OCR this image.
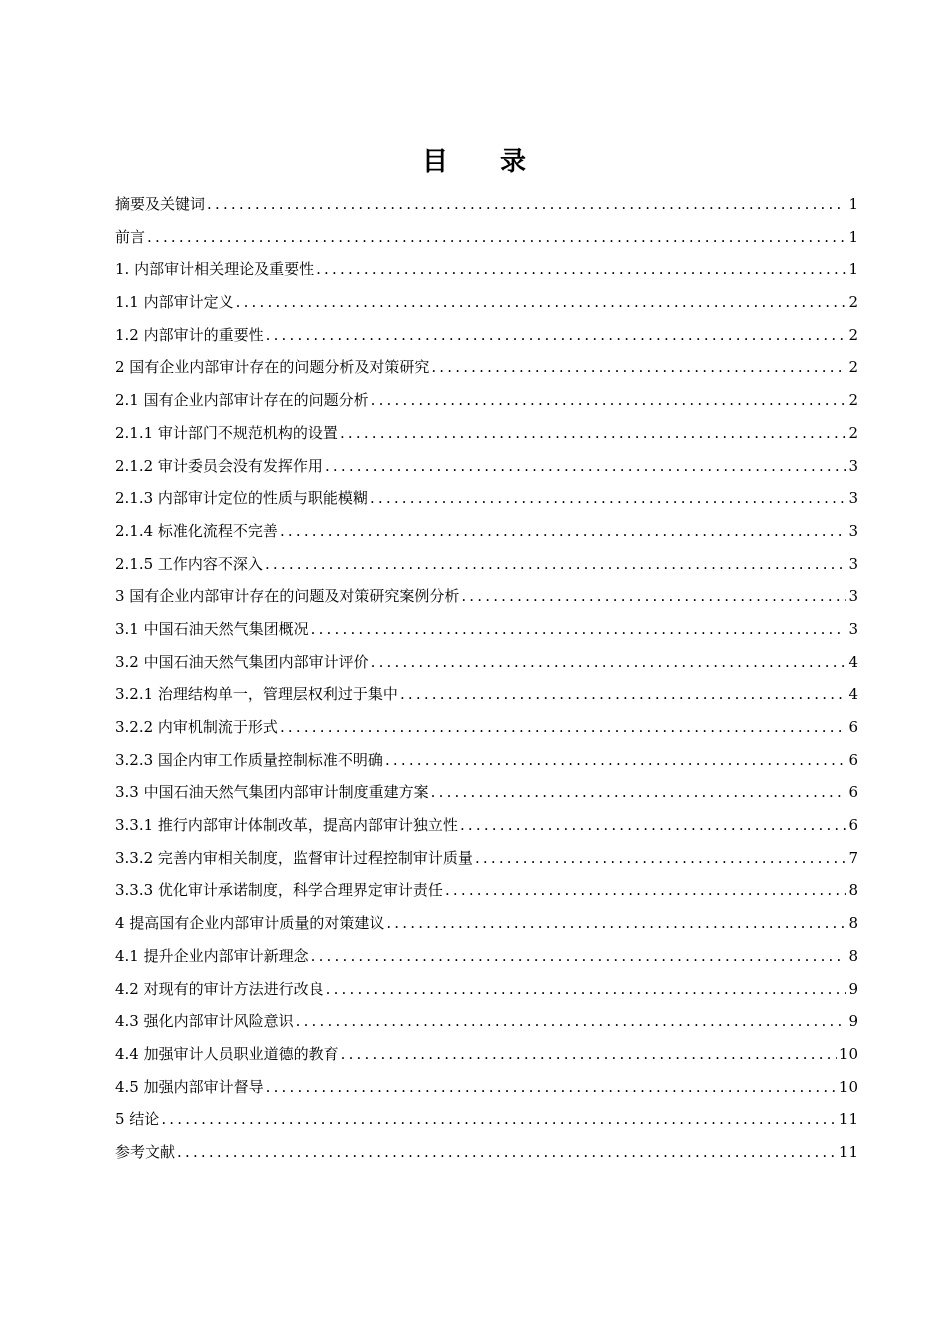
目 录
摘要及关键词 .....	1
前言 .....	1
1. 内部审计相关理论及重要性 .....	1
1.1 内部审计定义 .....	2
1.2 内部审计的重要性 .....	2
2 国有企业内部审计存在的问题分析及对策研究 .....	2
2.1 国有企业内部审计存在的问题分析 .....	2
2.1.1 审计部门不规范机构的设置 .....	2
2.1.2 审计委员会没有发挥作用 .....	3
2.1.3 内部审计定位的性质与职能模糊 .....	3
2.1.4 标准化流程不完善 .....	3
2.1.5 工作内容不深入 .....	3
3 国有企业内部审计存在的问题及对策研究案例分析 .....	3
3.1 中国石油天然气集团概况 .....	3
3.2 中国石油天然气集团内部审计评价 .....	4
3.2.1 治理结构单一，管理层权利过于集中 .....	4
3.2.2 内审机制流于形式 .....	6
3.2.3 国企内审工作质量控制标准不明确 .....	6
3.3 中国石油天然气集团内部审计制度重建方案 .....	6
3.3.1 推行内部审计体制改革，提高内部审计独立性 .....	6
3.3.2 完善内审相关制度，监督审计过程控制审计质量 .....	7
3.3.3 优化审计承诺制度，科学合理界定审计责任 .....	8
4 提高国有企业内部审计质量的对策建议 .....	8
4.1 提升企业内部审计新理念 .....	8
4.2 对现有的审计方法进行改良 .....	9
4.3 强化内部审计风险意识 .....	9
4.4 加强审计人员职业道德的教育 .....	10
4.5 加强内部审计督导 .....	10
5 结论 .....	11
参考文献 .....	11
